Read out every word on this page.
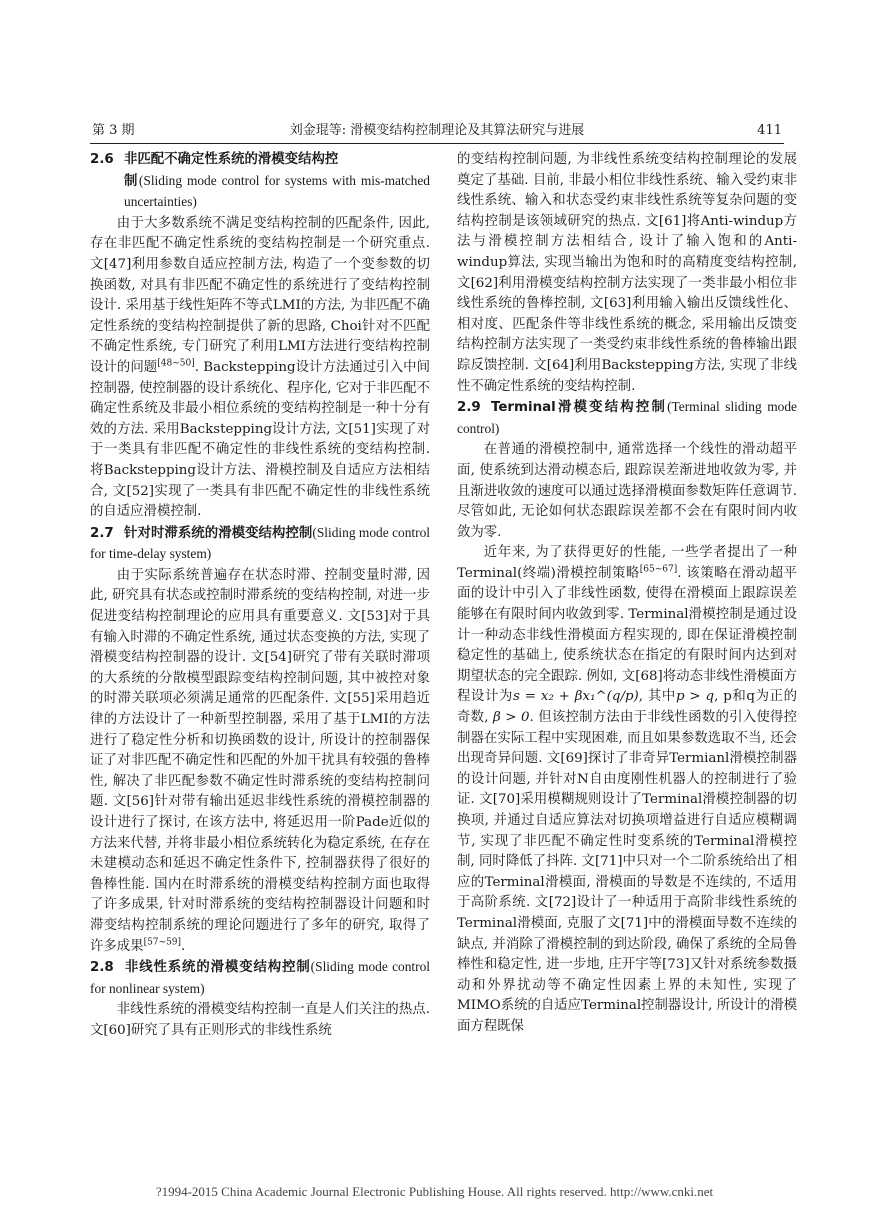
第 3 期	刘金琨等: 滑模变结构控制理论及其算法研究与进展	411
2.6 非匹配不确定性系统的滑模变结构控
制(Sliding mode control for systems with mis-matched uncertainties)

由于大多数系统不满足变结构控制的匹配条件, 因此, 存在非匹配不确定性系统的变结构控制是一个研究重点. 文[47]利用参数自适应控制方法, 构造了一个变参数的切换函数, 对具有非匹配不确定性的系统进行了变结构控制设计. 采用基于线性矩阵不等式LMI的方法, 为非匹配不确定性系统的变结构控制提供了新的思路, Choi针对不匹配不确定性系统, 专门研究了利用LMI方法进行变结构控制设计的问题[48~50]. Backstepping设计方法通过引入中间控制器, 使控制器的设计系统化、程序化, 它对于非匹配不确定性系统及非最小相位系统的变结构控制是一种十分有效的方法. 采用Backstepping设计方法, 文[51]实现了对于一类具有非匹配不确定性的非线性系统的变结构控制. 将Backstepping设计方法、滑模控制及自适应方法相结合, 文[52]实现了一类具有非匹配不确定性的非线性系统的自适应滑模控制.

2.7 针对时滞系统的滑模变结构控制(Sliding mode control for time-delay system)

由于实际系统普遍存在状态时滞、控制变量时滞, 因此, 研究具有状态或控制时滞系统的变结构控制, 对进一步促进变结构控制理论的应用具有重要意义. 文[53]对于具有输入时滞的不确定性系统, 通过状态变换的方法, 实现了滑模变结构控制器的设计. 文[54]研究了带有关联时滞项的大系统的分散模型跟踪变结构控制问题, 其中被控对象的时滞关联项必须满足通常的匹配条件. 文[55]采用趋近律的方法设计了一种新型控制器, 采用了基于LMI的方法进行了稳定性分析和切换函数的设计, 所设计的控制器保证了对非匹配不确定性和匹配的外加干扰具有较强的鲁棒性, 解决了非匹配参数不确定性时滞系统的变结构控制问题. 文[56]针对带有输出延迟非线性系统的滑模控制器的设计进行了探讨, 在该方法中, 将延迟用一阶Pade近似的方法来代替, 并将非最小相位系统转化为稳定系统, 在存在未建模动态和延迟不确定性条件下, 控制器获得了很好的鲁棒性能. 国内在时滞系统的滑模变结构控制方面也取得了许多成果, 针对时滞系统的变结构控制器设计问题和时滞变结构控制系统的理论问题进行了多年的研究, 取得了许多成果[57~59].

2.8 非线性系统的滑模变结构控制(Sliding mode control for nonlinear system)

非线性系统的滑模变结构控制一直是人们关注的热点. 文[60]研究了具有正则形式的非线性系统

的变结构控制问题, 为非线性系统变结构控制理论的发展奠定了基础. 目前, 非最小相位非线性系统、输入受约束非线性系统、输入和状态受约束非线性系统等复杂问题的变结构控制是该领域研究的热点. 文[61]将Anti-windup方法与滑模控制方法相结合, 设计了输入饱和的Anti-windup算法, 实现当输出为饱和时的高精度变结构控制, 文[62]利用滑模变结构控制方法实现了一类非最小相位非线性系统的鲁棒控制, 文[63]利用输入输出反馈线性化、相对度、匹配条件等非线性系统的概念, 采用输出反馈变结构控制方法实现了一类受约束非线性系统的鲁棒输出跟踪反馈控制. 文[64]利用Backstepping方法, 实现了非线性不确定性系统的变结构控制.

2.9 Terminal滑模变结构控制(Terminal sliding mode control)

在普通的滑模控制中, 通常选择一个线性的滑动超平面, 使系统到达滑动模态后, 跟踪误差渐进地收敛为零, 并且渐进收敛的速度可以通过选择滑模面参数矩阵任意调节. 尽管如此, 无论如何状态跟踪误差都不会在有限时间内收敛为零.

近年来, 为了获得更好的性能, 一些学者提出了一种Terminal(终端)滑模控制策略[65~67]. 该策略在滑动超平面的设计中引入了非线性函数, 使得在滑模面上跟踪误差能够在有限时间内收敛到零. Terminal滑模控制是通过设计一种动态非线性滑模面方程实现的, 即在保证滑模控制稳定性的基础上, 使系统状态在指定的有限时间内达到对期望状态的完全跟踪. 例如, 文[68]将动态非线性滑模面方程设计为s = x₂ + βx₁^(q/p), 其中p > q, p和q为正的奇数, β > 0. 但该控制方法由于非线性函数的引入使得控制器在实际工程中实现困难, 而且如果参数选取不当, 还会出现奇异问题. 文[69]探讨了非奇异Termianl滑模控制器的设计问题, 并针对N自由度刚性机器人的控制进行了验证. 文[70]采用模糊规则设计了Terminal滑模控制器的切换项, 并通过自适应算法对切换项增益进行自适应模糊调节, 实现了非匹配不确定性时变系统的Terminal滑模控制, 同时降低了抖阵. 文[71]中只对一个二阶系统给出了相应的Terminal滑模面, 滑模面的导数是不连续的, 不适用于高阶系统. 文[72]设计了一种适用于高阶非线性系统的Terminal滑模面, 克服了文[71]中的滑模面导数不连续的缺点, 并消除了滑模控制的到达阶段, 确保了系统的全局鲁棒性和稳定性, 进一步地, 庄开宇等[73]又针对系统参数摄动和外界扰动等不确定性因素上界的未知性, 实现了MIMO系统的自适应Terminal控制器设计, 所设计的滑模面方程既保

?1994-2015 China Academic Journal Electronic Publishing House. All rights reserved. http://www.cnki.net
